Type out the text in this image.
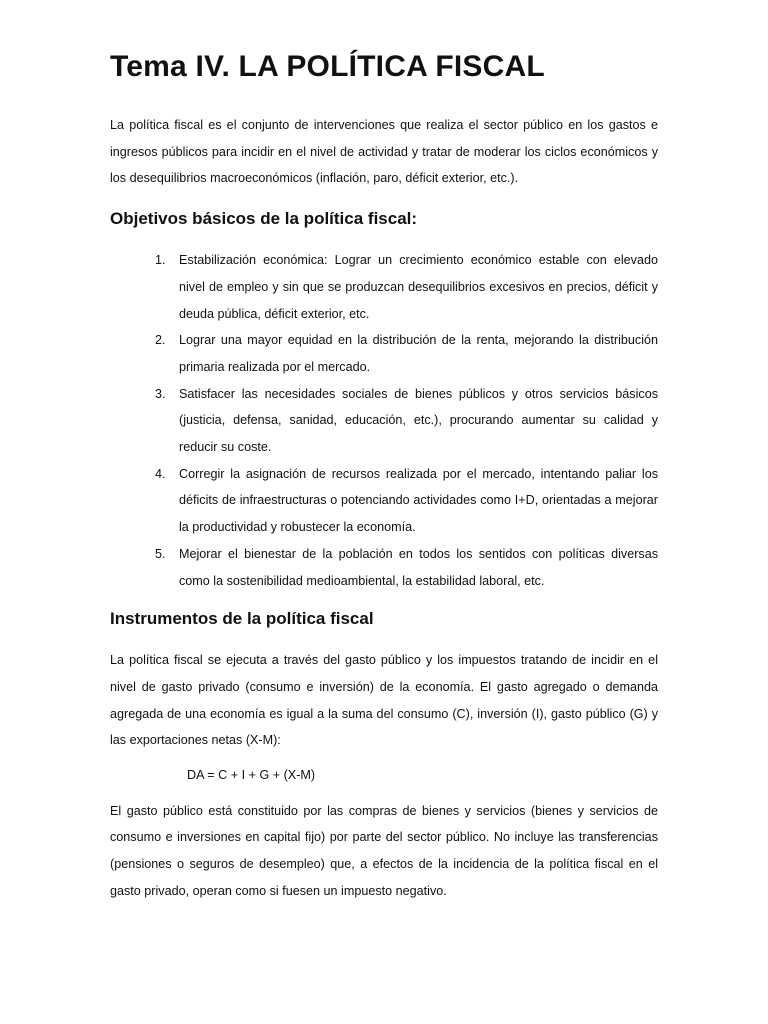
Tema IV. LA POLÍTICA FISCAL

La política fiscal es el conjunto de intervenciones que realiza el sector público en los gastos e ingresos públicos para incidir en el nivel de actividad y tratar de moderar los ciclos económicos y los desequilibrios macroeconómicos (inflación, paro, déficit exterior, etc.).

Objetivos básicos de la política fiscal:
1. Estabilización económica: Lograr un crecimiento económico estable con elevado nivel de empleo y sin que se produzcan desequilibrios excesivos en precios, déficit y deuda pública, déficit exterior, etc.
2. Lograr una mayor equidad en la distribución de la renta, mejorando la distribución primaria realizada por el mercado.
3. Satisfacer las necesidades sociales de bienes públicos y otros servicios básicos (justicia, defensa, sanidad, educación, etc.), procurando aumentar su calidad y reducir su coste.
4. Corregir la asignación de recursos realizada por el mercado, intentando paliar los déficits de infraestructuras o potenciando actividades como I+D, orientadas a mejorar la productividad y robustecer la economía.
5. Mejorar el bienestar de la población en todos los sentidos con políticas diversas como la sostenibilidad medioambiental, la estabilidad laboral, etc.
Instrumentos de la política fiscal

La política fiscal se ejecuta a través del gasto público y los impuestos tratando de incidir en el nivel de gasto privado (consumo e inversión) de la economía. El gasto agregado o demanda agregada de una economía es igual a la suma del consumo (C), inversión (I), gasto público (G) y las exportaciones netas (X-M):

DA = C + I + G + (X-M)

El gasto público está constituido por las compras de bienes y servicios (bienes y servicios de consumo e inversiones en capital fijo) por parte del sector público. No incluye las transferencias (pensiones o seguros de desempleo) que, a efectos de la incidencia de la política fiscal en el gasto privado, operan como si fuesen un impuesto negativo.
